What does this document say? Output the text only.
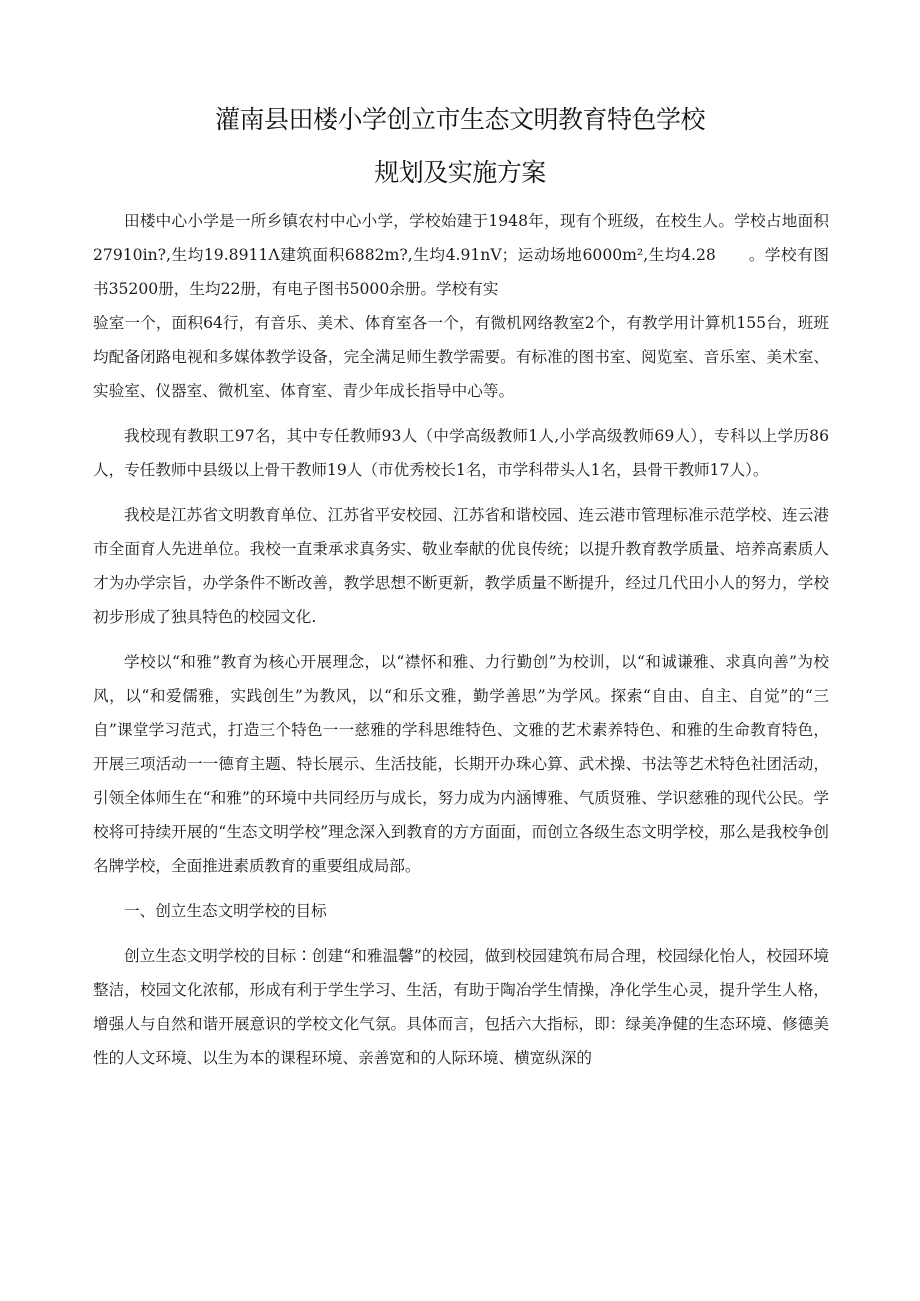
灌南县田楼小学创立市生态文明教育特色学校
规划及实施方案

田楼中心小学是一所乡镇农村中心小学，学校始建于1948年，现有个班级，在校生人。学校占地面积27910in?,生均19.8911Λ建筑面积6882m?,生均4.91nV；运动场地6000m²,生均4.28　　。学校有图书35200册，生均22册，有电子图书5000余册。学校有实

验室一个，面积64行，有音乐、美术、体育室各一个，有微机网络教室2个，有教学用计算机155台，班班均配备闭路电视和多媒体教学设备，完全满足师生教学需要。有标准的图书室、阅览室、音乐室、美术室、实验室、仪器室、微机室、体育室、青少年成长指导中心等。

我校现有教职工97名，其中专任教师93人（中学高级教师1人,小学高级教师69人），专科以上学历86人，专任教师中县级以上骨干教师19人（市优秀校长1名，市学科带头人1名，县骨干教师17人）。

我校是江苏省文明教育单位、江苏省平安校园、江苏省和谐校园、连云港市管理标准示范学校、连云港市全面育人先进单位。我校一直秉承求真务实、敬业奉献的优良传统；以提升教育教学质量、培养高素质人才为办学宗旨，办学条件不断改善，教学思想不断更新，教学质量不断提升，经过几代田小人的努力，学校初步形成了独具特色的校园文化.

学校以“和雅”教育为核心开展理念，以“襟怀和雅、力行勤创”为校训，以“和诚谦雅、求真向善”为校风，以“和爱儒雅，实践创生”为教风，以“和乐文雅，勤学善思”为学风。探索“自由、自主、自觉”的“三自”课堂学习范式，打造三个特色一一慈雅的学科思维特色、文雅的艺术素养特色、和雅的生命教育特色，开展三项活动一一德育主题、特长展示、生活技能，长期开办珠心算、武术操、书法等艺术特色社团活动，引领全体师生在“和雅”的环境中共同经历与成长，努力成为内涵博雅、气质贤雅、学识慈雅的现代公民。学校将可持续开展的“生态文明学校”理念深入到教育的方方面面，而创立各级生态文明学校，那么是我校争创名牌学校，全面推进素质教育的重要组成局部。

一、创立生态文明学校的目标

创立生态文明学校的目标∶创建“和雅温馨”的校园，做到校园建筑布局合理，校园绿化怡人，校园环境整洁，校园文化浓郁，形成有利于学生学习、生活，有助于陶冶学生情操，净化学生心灵，提升学生人格，增强人与自然和谐开展意识的学校文化气氛。具体而言，包括六大指标，即：绿美净健的生态环境、修德美性的人文环境、以生为本的课程环境、亲善宽和的人际环境、横宽纵深的
